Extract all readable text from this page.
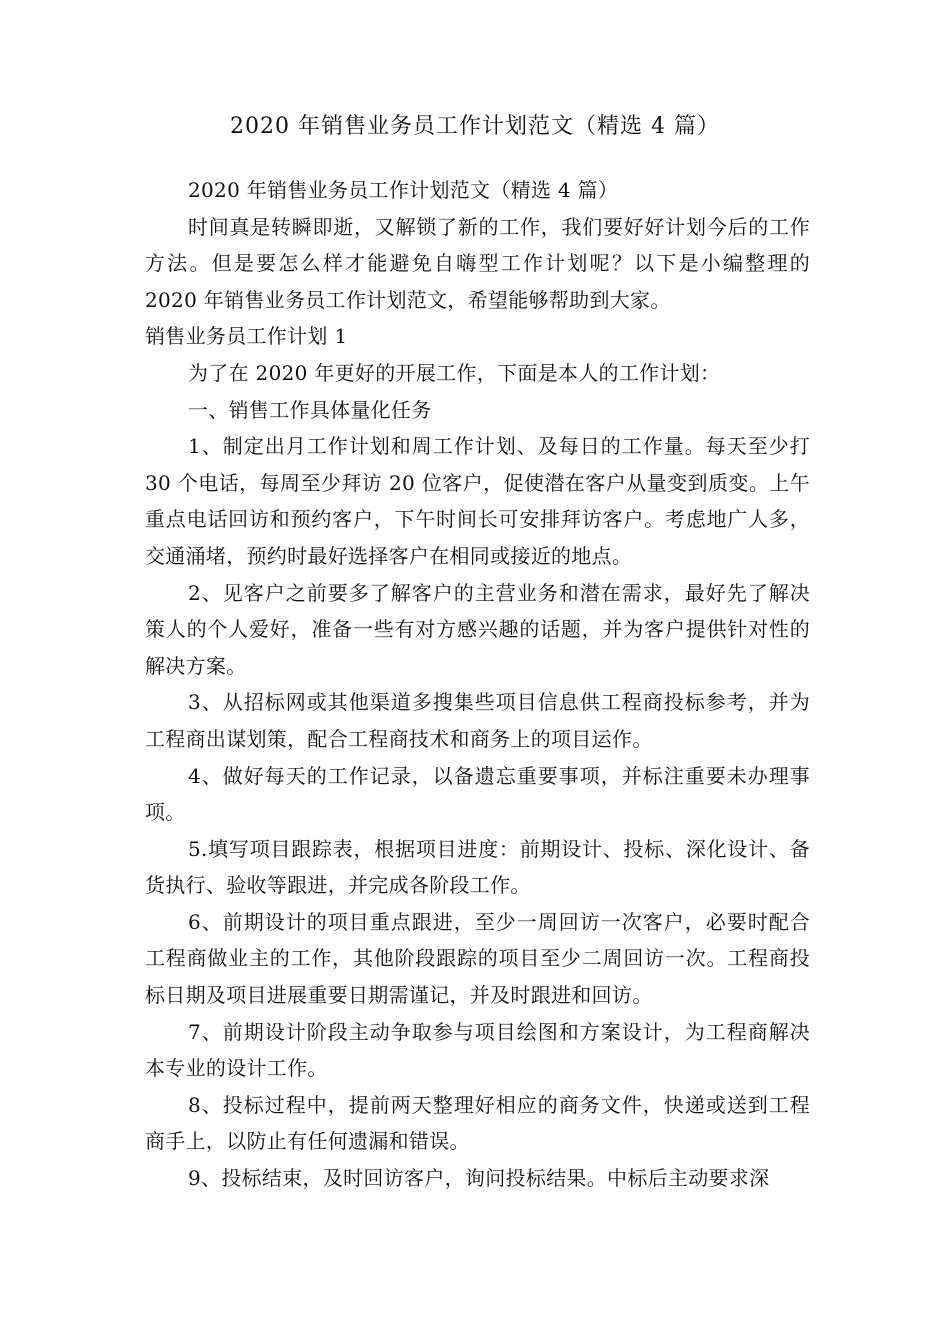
2020 年销售业务员工作计划范文（精选 4 篇）

2020 年销售业务员工作计划范文（精选 4 篇）

时间真是转瞬即逝，又解锁了新的工作，我们要好好计划今后的工作方法。但是要怎么样才能避免自嗨型工作计划呢？以下是小编整理的 2020 年销售业务员工作计划范文，希望能够帮助到大家。

销售业务员工作计划 1

为了在 2020 年更好的开展工作，下面是本人的工作计划：

一、销售工作具体量化任务

1、制定出月工作计划和周工作计划、及每日的工作量。每天至少打 30 个电话，每周至少拜访 20 位客户，促使潜在客户从量变到质变。上午重点电话回访和预约客户，下午时间长可安排拜访客户。考虑地广人多，交通涌堵，预约时最好选择客户在相同或接近的地点。

2、见客户之前要多了解客户的主营业务和潜在需求，最好先了解决策人的个人爱好，准备一些有对方感兴趣的话题，并为客户提供针对性的解决方案。

3、从招标网或其他渠道多搜集些项目信息供工程商投标参考，并为工程商出谋划策，配合工程商技术和商务上的项目运作。

4、做好每天的工作记录，以备遗忘重要事项，并标注重要未办理事项。

5.填写项目跟踪表，根据项目进度：前期设计、投标、深化设计、备货执行、验收等跟进，并完成各阶段工作。

6、前期设计的项目重点跟进，至少一周回访一次客户，必要时配合工程商做业主的工作，其他阶段跟踪的项目至少二周回访一次。工程商投标日期及项目进展重要日期需谨记，并及时跟进和回访。

7、前期设计阶段主动争取参与项目绘图和方案设计，为工程商解决本专业的设计工作。

8、投标过程中，提前两天整理好相应的商务文件，快递或送到工程商手上，以防止有任何遗漏和错误。

9、投标结束，及时回访客户，询问投标结果。中标后主动要求深
